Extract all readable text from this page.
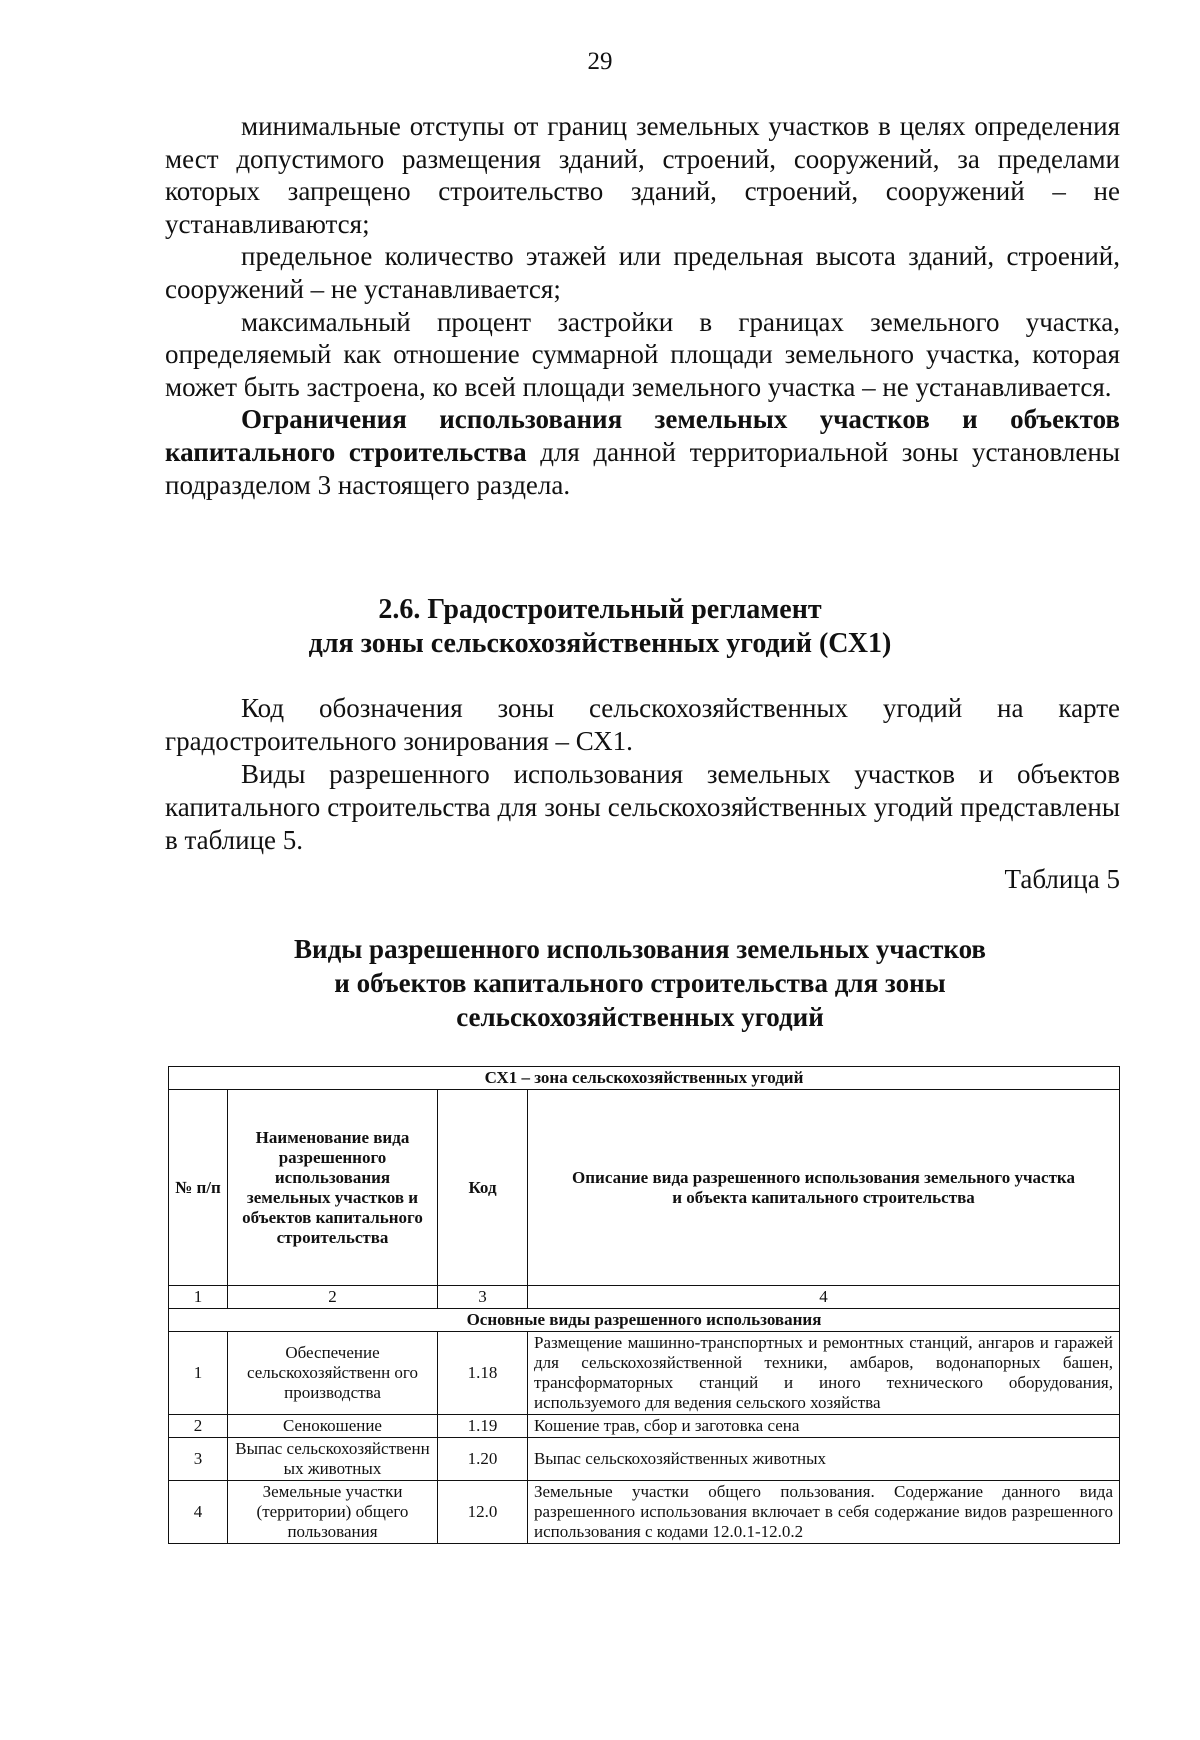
29

минимальные отступы от границ земельных участков в целях определения мест допустимого размещения зданий, строений, сооружений, за пределами которых запрещено строительство зданий, строений, сооружений – не устанавливаются;

предельное количество этажей или предельная высота зданий, строений, сооружений – не устанавливается;

максимальный процент застройки в границах земельного участка, определяемый как отношение суммарной площади земельного участка, которая может быть застроена, ко всей площади земельного участка – не устанавливается.

Ограничения использования земельных участков и объектов капитального строительства для данной территориальной зоны установлены подразделом 3 настоящего раздела.

2.6. Градостроительный регламент
для зоны сельскохозяйственных угодий (СХ1)

Код обозначения зоны сельскохозяйственных угодий на карте градостроительного зонирования – СХ1.

Виды разрешенного использования земельных участков и объектов капитального строительства для зоны сельскохозяйственных угодий представлены в таблице 5.

Таблица 5
Виды разрешенного использования земельных участков
и объектов капитального строительства для зоны
сельскохозяйственных угодий
СХ1 – зона сельскохозяйственных угодий			
№ п/п	Наименование вида разрешенного использования земельных участков и объектов капитального строительства	Код	Описание вида разрешенного использования земельного участка и объекта капитального строительства
1	2	3	4
Основные виды разрешенного использования			
1	Обеспечение сельскохозяйственн ого производства	1.18	Размещение машинно-транспортных и ремонтных станций, ангаров и гаражей для сельскохозяйственной техники, амбаров, водонапорных башен, трансформаторных станций и иного технического оборудования, используемого для ведения сельского хозяйства
2	Сенокошение	1.19	Кошение трав, сбор и заготовка сена
3	Выпас сельскохозяйственн ых животных	1.20	Выпас сельскохозяйственных животных
4	Земельные участки (территории) общего пользования	12.0	Земельные участки общего пользования. Содержание данного вида разрешенного использования включает в себя содержание видов разрешенного использования с кодами 12.0.1-12.0.2
